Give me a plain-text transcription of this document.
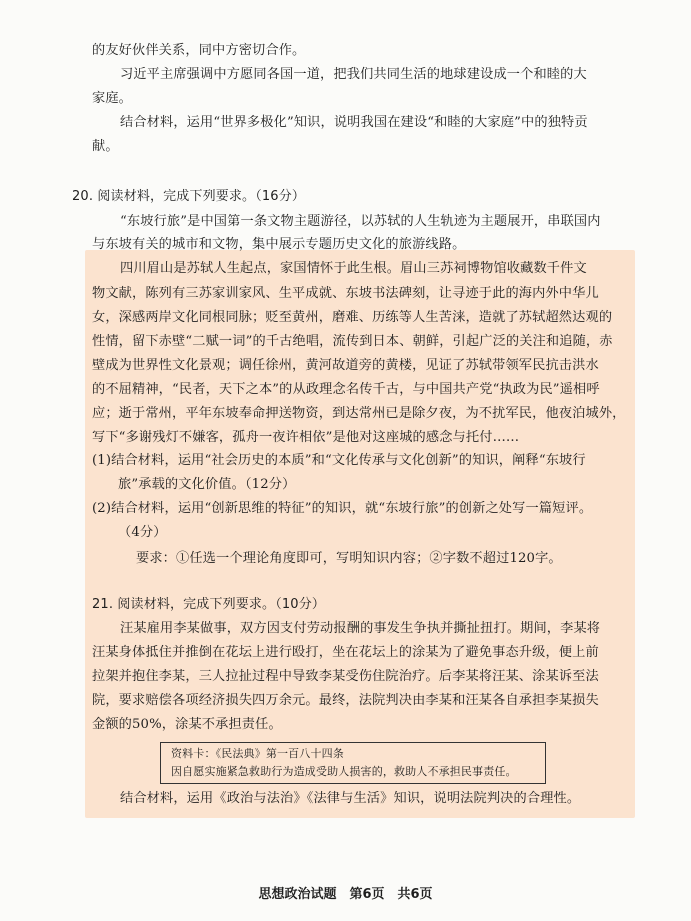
的友好伙伴关系，同中方密切合作。
习近平主席强调中方愿同各国一道，把我们共同生活的地球建设成一个和睦的大
家庭。
结合材料，运用“世界多极化”知识，说明我国在建设“和睦的大家庭”中的独特贡
献。
20. 阅读材料，完成下列要求。（16分）
“东坡行旅”是中国第一条文物主题游径，以苏轼的人生轨迹为主题展开，串联国内
与东坡有关的城市和文物，集中展示专题历史文化的旅游线路。
四川眉山是苏轼人生起点，家国情怀于此生根。眉山三苏祠博物馆收藏数千件文
物文献，陈列有三苏家训家风、生平成就、东坡书法碑刻，让寻迹于此的海内外中华儿
女，深感两岸文化同根同脉；贬至黄州，磨难、历练等人生苦涞，造就了苏轼超然达观的
性情，留下赤壁“二赋一词”的千古绝唱，流传到日本、朝鲜，引起广泛的关注和追随，赤
壁成为世界性文化景观；调任徐州，黄河故道旁的黄楼，见证了苏轼带领军民抗击洪水
的不屈精神，“民者，天下之本”的从政理念名传千古，与中国共产党“执政为民”遥相呼
应；逝于常州，平年东坡奉命押送物资，到达常州已是除夕夜，为不扰军民，他夜泊城外，
写下“多谢残灯不嫌客，孤舟一夜许相依”是他对这座城的感念与托付……
(1)结合材料，运用“社会历史的本质”和“文化传承与文化创新”的知识，阐释“东坡行
旅”承载的文化价值。（12分）
(2)结合材料，运用“创新思维的特征”的知识，就“东坡行旅”的创新之处写一篇短评。
（4分）
要求：①任选一个理论角度即可，写明知识内容；②字数不超过120字。
21. 阅读材料，完成下列要求。（10分）
汪某雇用李某做事，双方因支付劳动报酬的事发生争执并撕扯扭打。期间，李某将
汪某身体抵住并推倒在花坛上进行殴打，坐在花坛上的涂某为了避免事态升级，便上前
拉架并抱住李某，三人拉扯过程中导致李某受伤住院治疗。后李某将汪某、涂某诉至法
院，要求赔偿各项经济损失四万余元。最终，法院判决由李某和汪某各自承担李某损失
金额的50%，涂某不承担责任。
资料卡：《民法典》第一百八十四条
因自愿实施紧急救助行为造成受助人损害的，救助人不承担民事责任。
结合材料，运用《政治与法治》《法律与生活》知识，说明法院判决的合理性。
思想政治试题　第6页　共6页
